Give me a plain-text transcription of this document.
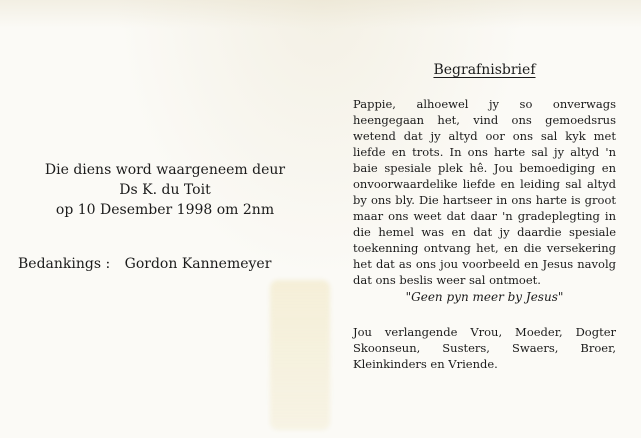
Die diens word waargeneem deur
Ds K. du Toit
op 10 Desember 1998 om 2nm
Bedankings : Gordon Kannemeyer
Begrafnisbrief
Pappie, alhoewel jy so onverwags heengegaan het, vind ons gemoedsrus wetend dat jy altyd oor ons sal kyk met liefde en trots. In ons harte sal jy altyd 'n baie spesiale plek hê. Jou bemoediging en onvoorwaardelike liefde en leiding sal altyd by ons bly. Die hartseer in ons harte is groot maar ons weet dat daar 'n gradeplegting in die hemel was en dat jy daardie spesiale toekenning ontvang het, en die versekering het dat as ons jou voorbeeld en Jesus navolg dat ons beslis weer sal ontmoet.
"Geen pyn meer by Jesus"
Jou verlangende Vrou, Moeder, Dogter Skoonseun, Susters, Swaers, Broer, Kleinkinders en Vriende.
